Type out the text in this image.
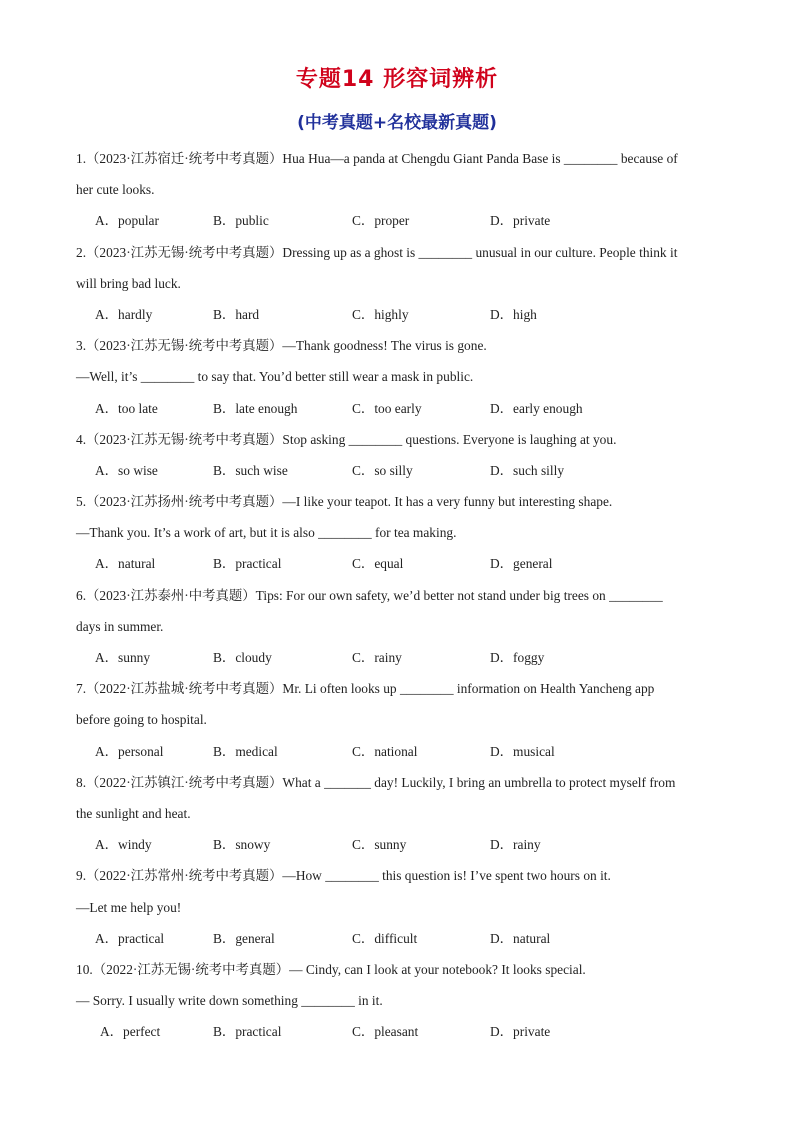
专题14 形容词辨析
(中考真题+名校最新真题)
1.（2023·江苏宿迁·统考中考真题）Hua Hua—a panda at Chengdu Giant Panda Base is ________ because of
her cute looks.
A．popular	B．public	C．proper	D．private
2.（2023·江苏无锡·统考中考真题）Dressing up as a ghost is ________ unusual in our culture. People think it
will bring bad luck.
A．hardly	B．hard	C．highly	D．high
3.（2023·江苏无锡·统考中考真题）—Thank goodness! The virus is gone.
—Well, it’s ________ to say that. You’d better still wear a mask in public.
A．too late	B．late enough	C．too early	D．early enough
4.（2023·江苏无锡·统考中考真题）Stop asking ________ questions. Everyone is laughing at you.
A．so wise	B．such wise	C．so silly	D．such silly
5.（2023·江苏扬州·统考中考真题）—I like your teapot. It has a very funny but interesting shape.
—Thank you. It’s a work of art, but it is also ________ for tea making.
A．natural	B．practical	C．equal	D．general
6.（2023·江苏泰州·中考真题）Tips: For our own safety, we’d better not stand under big trees on ________
days in summer.
A．sunny	B．cloudy	C．rainy	D．foggy
7.（2022·江苏盐城·统考中考真题）Mr. Li often looks up ________ information on Health Yancheng app
before going to hospital.
A．personal	B．medical	C．national	D．musical
8.（2022·江苏镇江·统考中考真题）What a _______ day! Luckily, I bring an umbrella to protect myself from
the sunlight and heat.
A．windy	B．snowy	C．sunny	D．rainy
9.（2022·江苏常州·统考中考真题）—How ________ this question is! I’ve spent two hours on it.
—Let me help you!
A．practical	B．general	C．difficult	D．natural
10.（2022·江苏无锡·统考中考真题）— Cindy, can I look at your notebook? It looks special.
— Sorry. I usually write down something ________ in it.
A．perfect	B．practical	C．pleasant	D．private
